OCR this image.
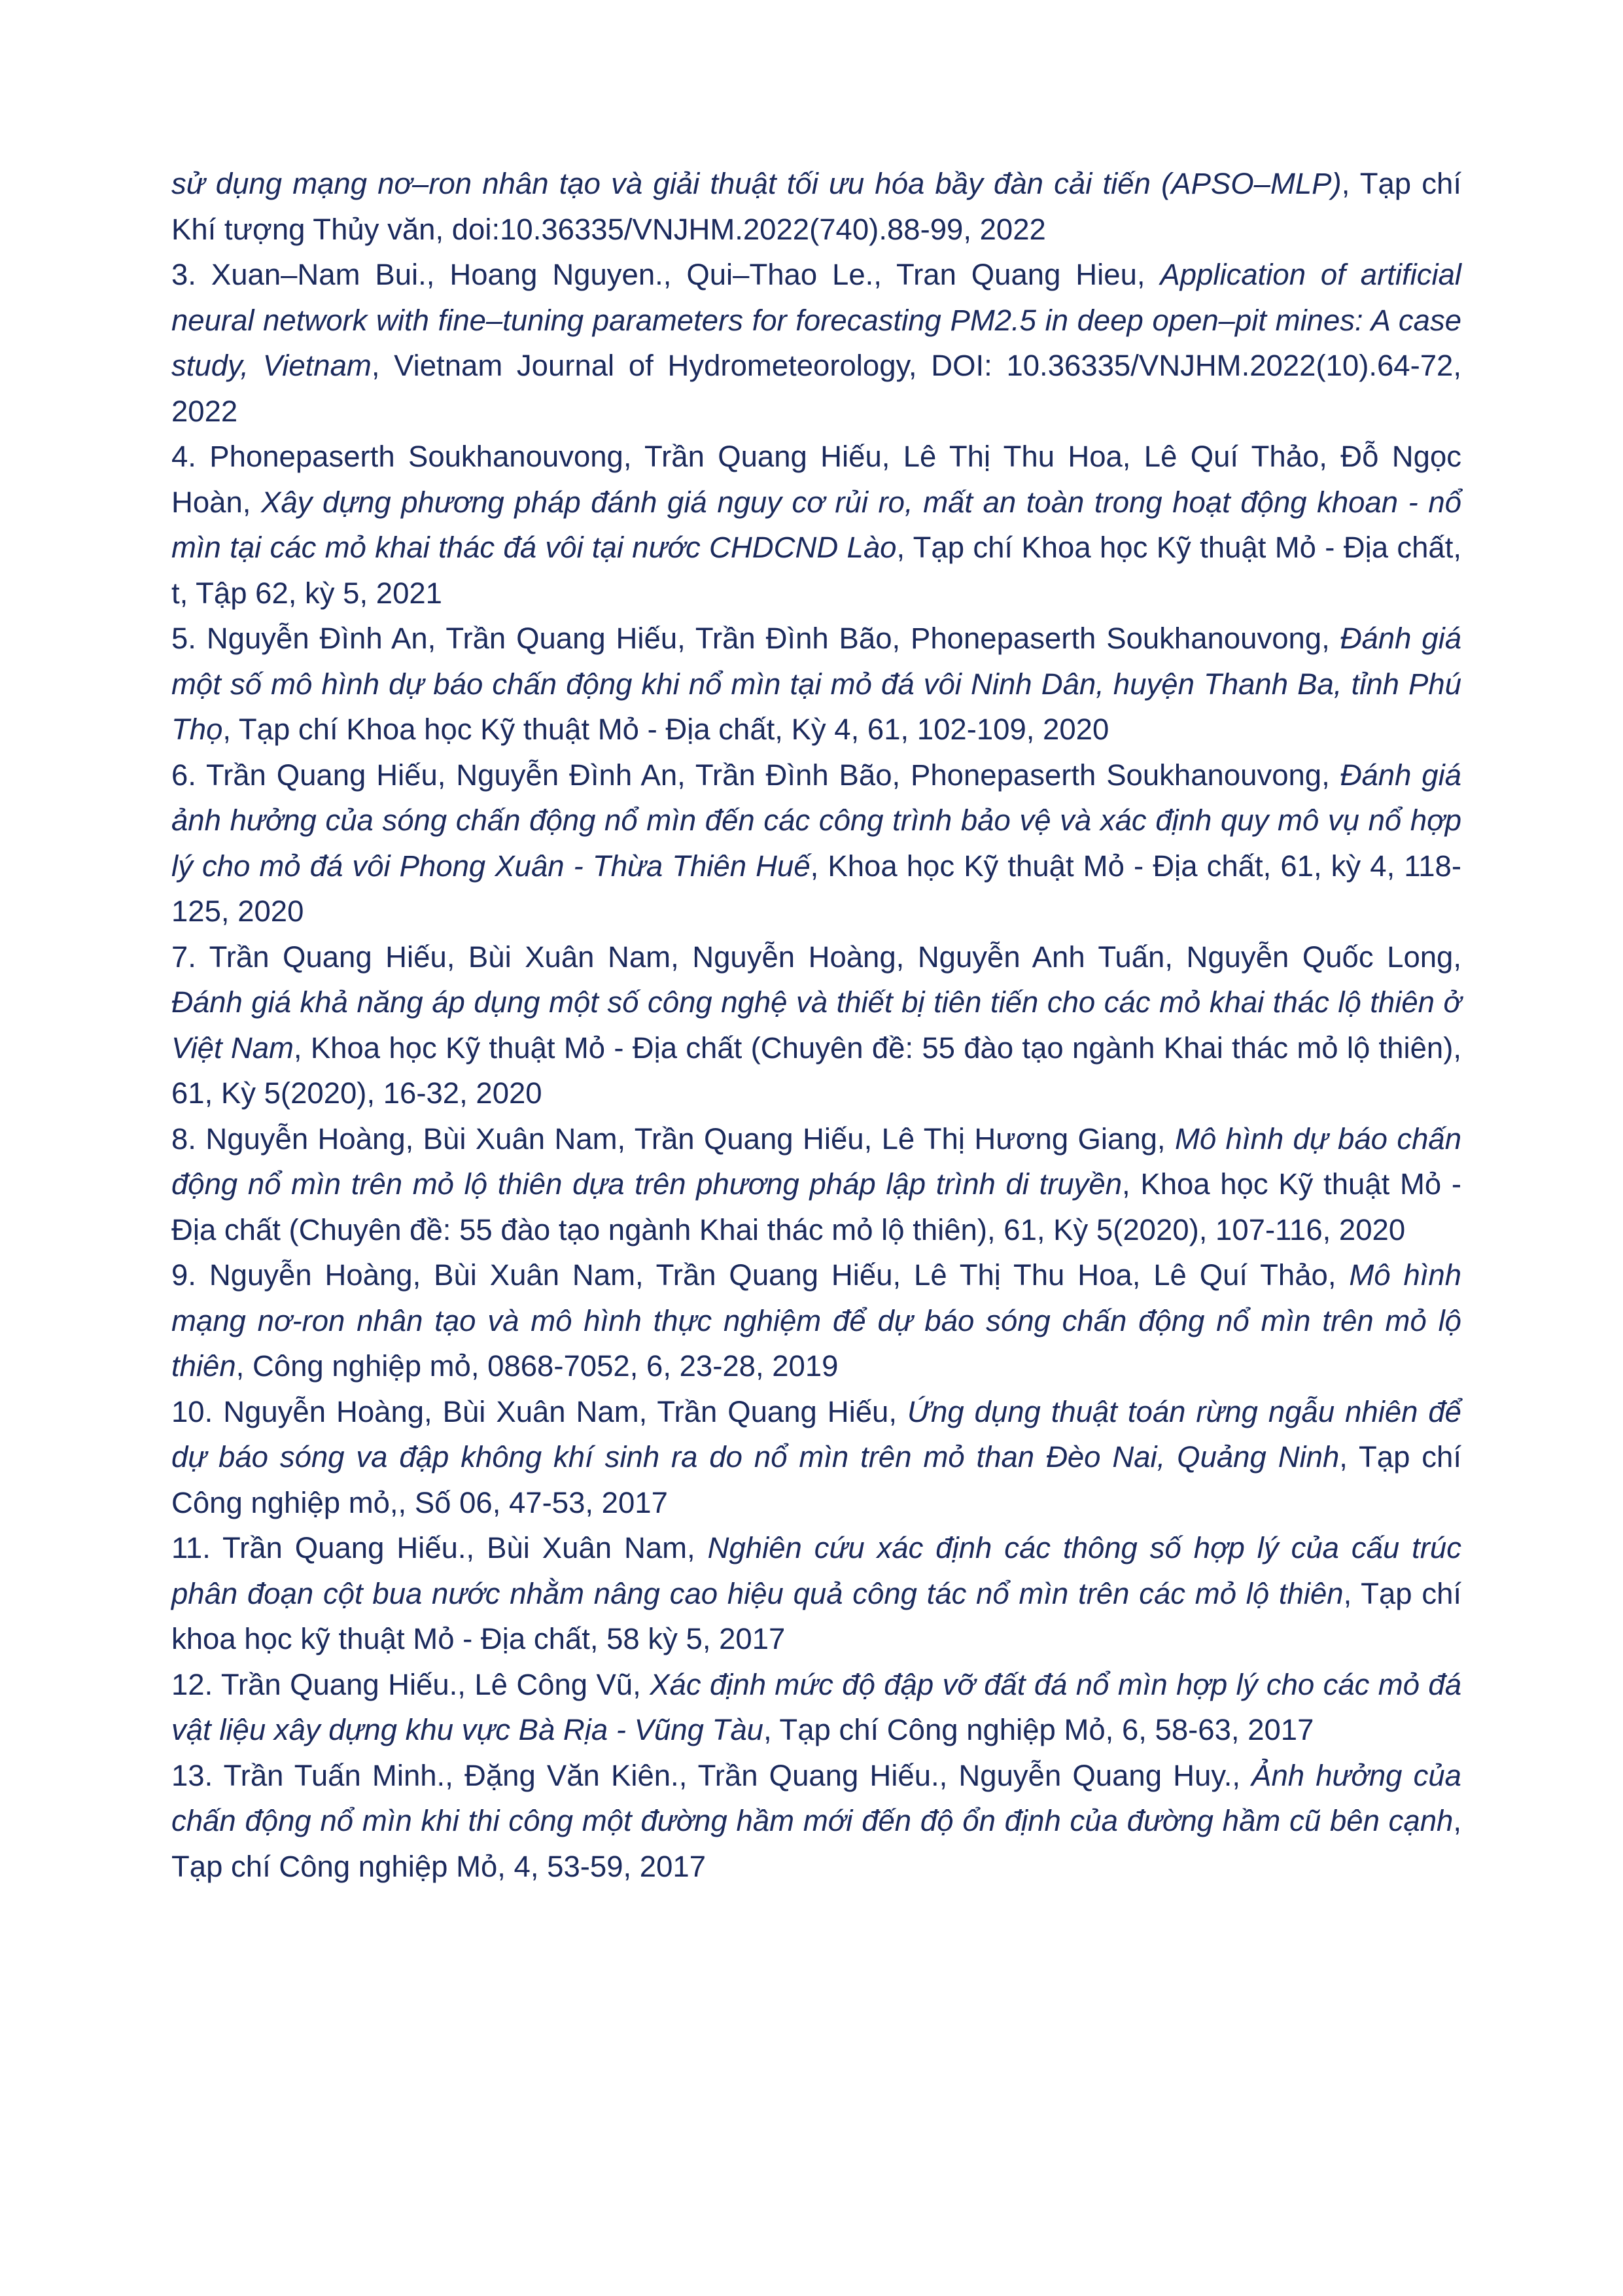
sử dụng mạng nơ–ron nhân tạo và giải thuật tối ưu hóa bầy đàn cải tiến (APSO–MLP), Tạp chí Khí tượng Thủy văn, doi:10.36335/VNJHM.2022(740).88-99, 2022

3. Xuan–Nam Bui., Hoang Nguyen., Qui–Thao Le., Tran Quang Hieu, Application of artificial neural network with fine–tuning parameters for forecasting PM2.5 in deep open–pit mines: A case study, Vietnam, Vietnam Journal of Hydrometeorology, DOI: 10.36335/VNJHM.2022(10).64-72, 2022

4. Phonepaserth Soukhanouvong, Trần Quang Hiếu, Lê Thị Thu Hoa, Lê Quí Thảo, Đỗ Ngọc Hoàn, Xây dựng phương pháp đánh giá nguy cơ rủi ro, mất an toàn trong hoạt động khoan - nổ mìn tại các mỏ khai thác đá vôi tại nước CHDCND Lào, Tạp chí Khoa học Kỹ thuật Mỏ - Địa chất, t, Tập 62, kỳ 5, 2021

5. Nguyễn Đình An, Trần Quang Hiếu, Trần Đình Bão, Phonepaserth Soukhanouvong, Đánh giá một số mô hình dự báo chấn động khi nổ mìn tại mỏ đá vôi Ninh Dân, huyện Thanh Ba, tỉnh Phú Thọ, Tạp chí Khoa học Kỹ thuật Mỏ - Địa chất, Kỳ 4, 61, 102-109, 2020

6. Trần Quang Hiếu, Nguyễn Đình An, Trần Đình Bão, Phonepaserth Soukhanouvong, Đánh giá ảnh hưởng của sóng chấn động nổ mìn đến các công trình bảo vệ và xác định quy mô vụ nổ hợp lý cho mỏ đá vôi Phong Xuân - Thừa Thiên Huế, Khoa học Kỹ thuật Mỏ - Địa chất, 61, kỳ 4, 118-125, 2020

7. Trần Quang Hiếu, Bùi Xuân Nam, Nguyễn Hoàng, Nguyễn Anh Tuấn, Nguyễn Quốc Long, Đánh giá khả năng áp dụng một số công nghệ và thiết bị tiên tiến cho các mỏ khai thác lộ thiên ở Việt Nam, Khoa học Kỹ thuật Mỏ - Địa chất (Chuyên đề: 55 đào tạo ngành Khai thác mỏ lộ thiên), 61, Kỳ 5(2020), 16-32, 2020

8. Nguyễn Hoàng, Bùi Xuân Nam, Trần Quang Hiếu, Lê Thị Hương Giang, Mô hình dự báo chấn động nổ mìn trên mỏ lộ thiên dựa trên phương pháp lập trình di truyền, Khoa học Kỹ thuật Mỏ - Địa chất (Chuyên đề: 55 đào tạo ngành Khai thác mỏ lộ thiên), 61, Kỳ 5(2020), 107-116, 2020

9. Nguyễn Hoàng, Bùi Xuân Nam, Trần Quang Hiếu, Lê Thị Thu Hoa, Lê Quí Thảo, Mô hình mạng nơ-ron nhân tạo và mô hình thực nghiệm để dự báo sóng chấn động nổ mìn trên mỏ lộ thiên, Công nghiệp mỏ, 0868-7052, 6, 23-28, 2019

10. Nguyễn Hoàng, Bùi Xuân Nam, Trần Quang Hiếu, Ứng dụng thuật toán rừng ngẫu nhiên để dự báo sóng va đập không khí sinh ra do nổ mìn trên mỏ than Đèo Nai, Quảng Ninh, Tạp chí Công nghiệp mỏ,, Số 06, 47-53, 2017

11. Trần Quang Hiếu., Bùi Xuân Nam, Nghiên cứu xác định các thông số hợp lý của cấu trúc phân đoạn cột bua nước nhằm nâng cao hiệu quả công tác nổ mìn trên các mỏ lộ thiên, Tạp chí khoa học kỹ thuật Mỏ - Địa chất, 58 kỳ 5, 2017

12. Trần Quang Hiếu., Lê Công Vũ, Xác định mức độ đập vỡ đất đá nổ mìn hợp lý cho các mỏ đá vật liệu xây dựng khu vực Bà Rịa - Vũng Tàu, Tạp chí Công nghiệp Mỏ, 6, 58-63, 2017

13. Trần Tuấn Minh., Đặng Văn Kiên., Trần Quang Hiếu., Nguyễn Quang Huy., Ảnh hưởng của chấn động nổ mìn khi thi công một đường hầm mới đến độ ổn định của đường hầm cũ bên cạnh, Tạp chí Công nghiệp Mỏ, 4, 53-59, 2017
